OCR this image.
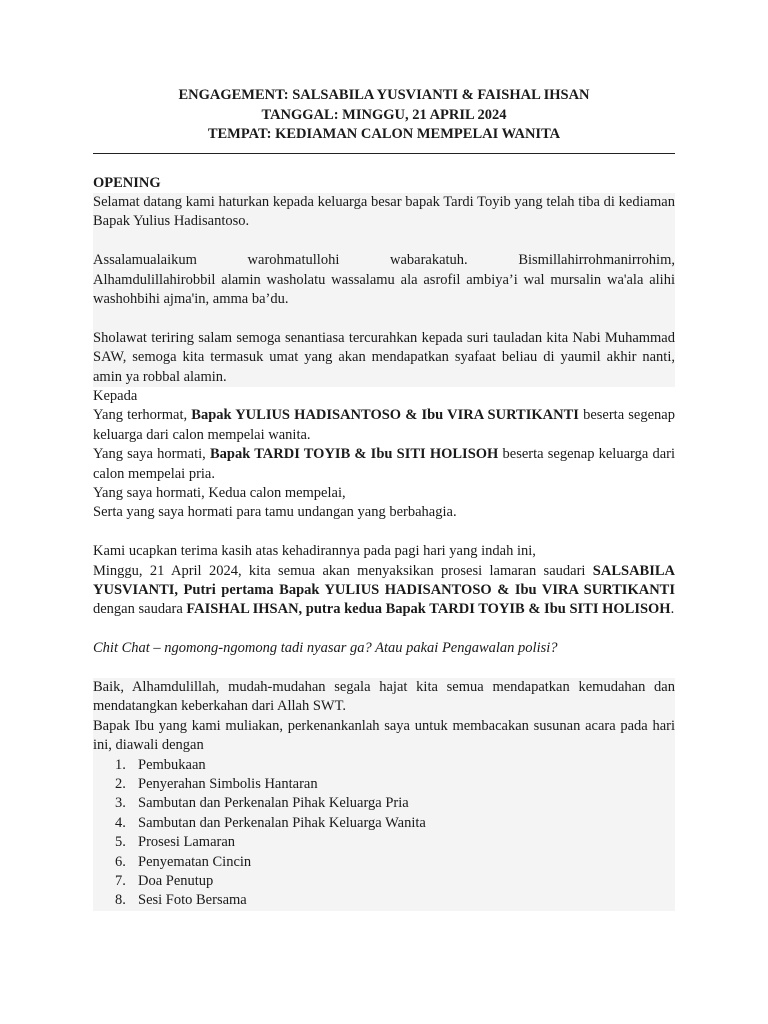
ENGAGEMENT: SALSABILA YUSVIANTI & FAISHAL IHSAN
TANGGAL: MINGGU, 21 APRIL 2024
TEMPAT: KEDIAMAN CALON MEMPELAI WANITA
OPENING

Selamat datang kami haturkan kepada keluarga besar bapak Tardi Toyib yang telah tiba di kediaman Bapak Yulius Hadisantoso.

Assalamualaikum warohmatullohi wabarakatuh. Bismillahirrohmanirrohim,

Alhamdulillahirobbil alamin washolatu wassalamu ala asrofil ambiya’i wal mursalin wa'ala alihi washohbihi ajma'in, amma ba’du.

Sholawat teriring salam semoga senantiasa tercurahkan kepada suri tauladan kita Nabi Muhammad SAW, semoga kita termasuk umat yang akan mendapatkan syafaat beliau di yaumil akhir nanti, amin ya robbal alamin.

Kepada

Yang terhormat, Bapak YULIUS HADISANTOSO & Ibu VIRA SURTIKANTI beserta segenap keluarga dari calon mempelai wanita.

Yang saya hormati, Bapak TARDI TOYIB & Ibu SITI HOLISOH beserta segenap keluarga dari calon mempelai pria.

Yang saya hormati, Kedua calon mempelai,

Serta yang saya hormati para tamu undangan yang berbahagia.

Kami ucapkan terima kasih atas kehadirannya pada pagi hari yang indah ini,

Minggu, 21 April 2024, kita semua akan menyaksikan prosesi lamaran saudari SALSABILA YUSVIANTI, Putri pertama Bapak YULIUS HADISANTOSO & Ibu VIRA SURTIKANTI dengan saudara FAISHAL IHSAN, putra kedua Bapak TARDI TOYIB & Ibu SITI HOLISOH.

Chit Chat – ngomong-ngomong tadi nyasar ga? Atau pakai Pengawalan polisi?

Baik, Alhamdulillah, mudah-mudahan segala hajat kita semua mendapatkan kemudahan dan mendatangkan keberkahan dari Allah SWT.

Bapak Ibu yang kami muliakan, perkenankanlah saya untuk membacakan susunan acara pada hari ini, diawali dengan

1. Pembukaan
2. Penyerahan Simbolis Hantaran
3. Sambutan dan Perkenalan Pihak Keluarga Pria
4. Sambutan dan Perkenalan Pihak Keluarga Wanita
5. Prosesi Lamaran
6. Penyematan Cincin
7. Doa Penutup
8. Sesi Foto Bersama
